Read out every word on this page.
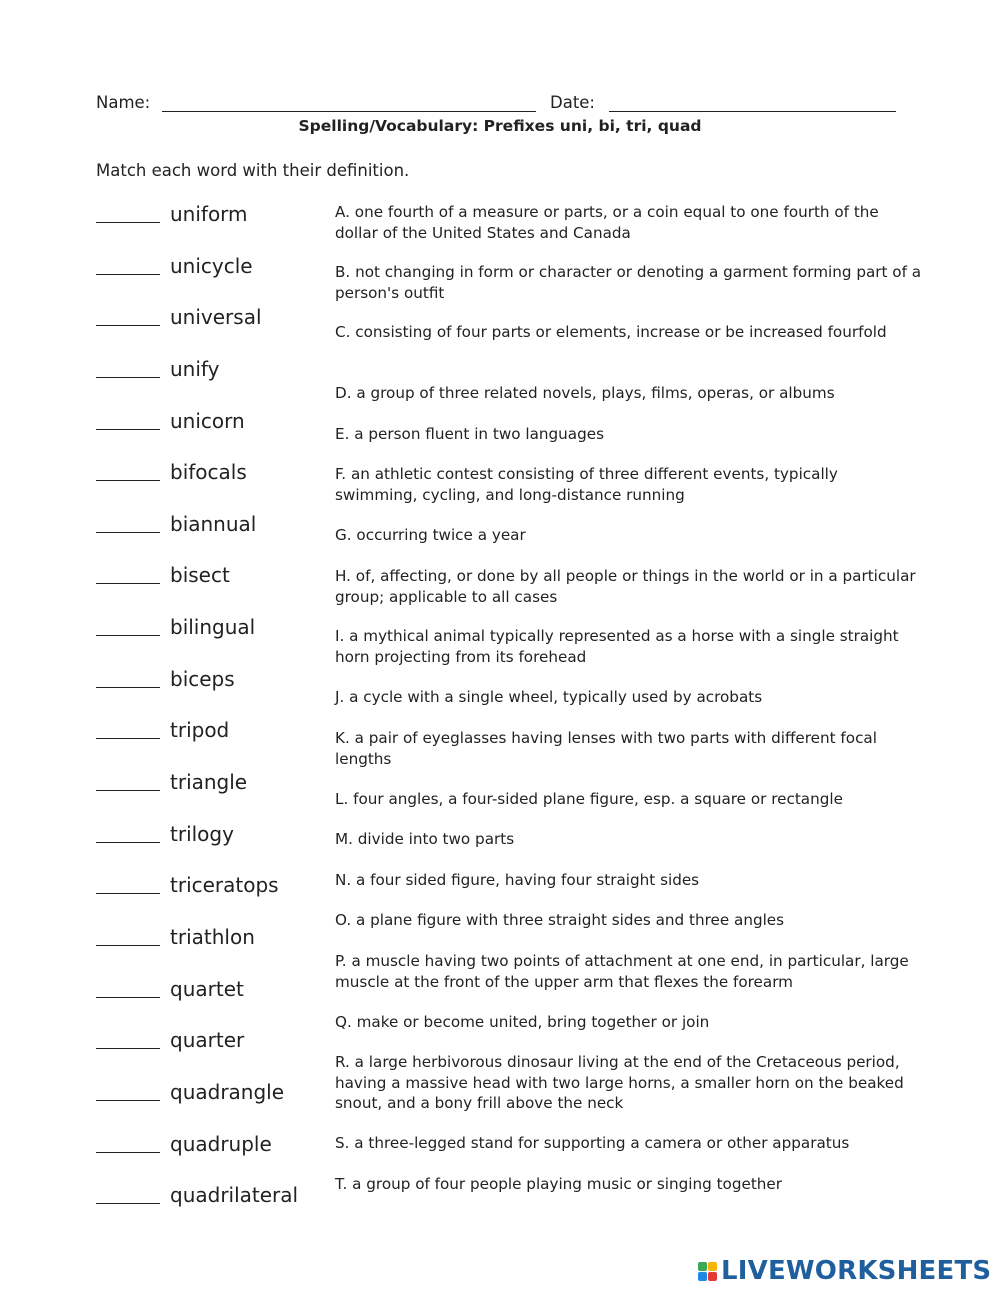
Name:	Date:
Spelling/Vocabulary: Prefixes uni, bi, tri, quad
Match each word with their definition.
uniform
unicycle
universal
unify
unicorn
bifocals
biannual
bisect
bilingual
biceps
tripod
triangle
trilogy
triceratops
triathlon
quartet
quarter
quadrangle
quadruple
quadrilateral
A. one fourth of a measure or parts, or a coin equal to one fourth of the dollar of the United States and Canada
B. not changing in form or character or denoting a garment forming part of a person's outfit
C. consisting of four parts or elements, increase or be increased fourfold
D. a group of three related novels, plays, films, operas, or albums
E. a person fluent in two languages
F. an athletic contest consisting of three different events, typically swimming, cycling, and long-distance running
G. occurring twice a year
H. of, affecting, or done by all people or things in the world or in a particular group; applicable to all cases
I. a mythical animal typically represented as a horse with a single straight horn projecting from its forehead
J. a cycle with a single wheel, typically used by acrobats
K. a pair of eyeglasses having lenses with two parts with different focal lengths
L. four angles, a four-sided plane figure, esp. a square or rectangle
M. divide into two parts
N. a four sided figure, having four straight sides
O. a plane figure with three straight sides and three angles
P. a muscle having two points of attachment at one end, in particular, large muscle at the front of the upper arm that flexes the forearm
Q. make or become united, bring together or join
R. a large herbivorous dinosaur living at the end of the Cretaceous period, having a massive head with two large horns, a smaller horn on the beaked snout, and a bony frill above the neck
S. a three-legged stand for supporting a camera or other apparatus
T. a group of four people playing music or singing together
LIVEWORKSHEETS
